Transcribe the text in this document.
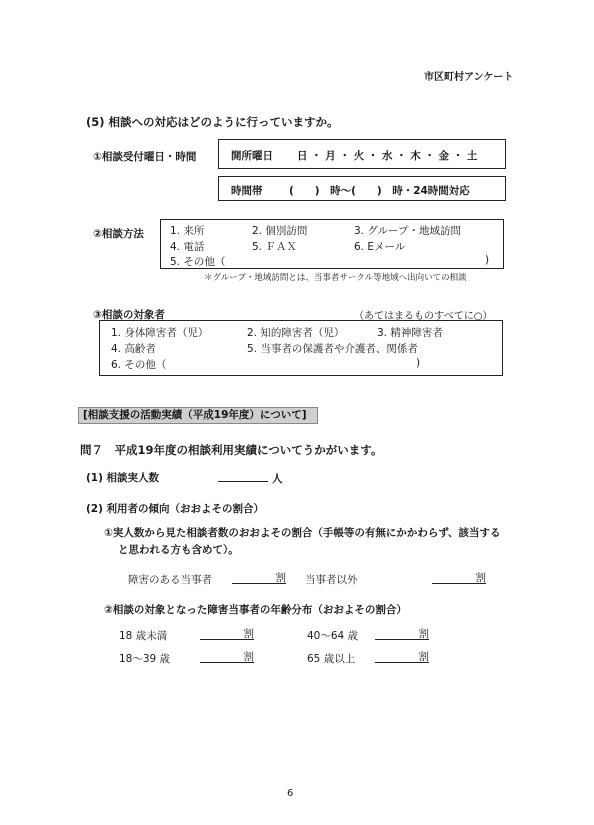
市区町村アンケート
(5) 相談への対応はどのように行っていますか。
①相談受付曜日・時間	開所曜日 日 ・ 月 ・ 火 ・ 水 ・ 木 ・ 金 ・ 土
時間帯	(　　)　時～(　　)　時・24時間対応
②相談方法 1. 来所	2. 個別訪問	3. グループ・地域訪問
4. 電話	5. ＦＡＸ	6. Eメール
5. その他（	)
＊グループ・地域訪問とは、当事者サークル等地域へ出向いての相談
③相談の対象者	（あてはまるものすべてに○）
1. 身体障害者（児）	2. 知的障害者（児）	3. 精神障害者
4. 高齢者	5. 当事者の保護者や介護者、関係者
6. その他（	)
[相談支援の活動実績（平成19年度）について]
問７　平成19年度の相談利用実績についてうかがいます。
(1) 相談実人数	人
(2) 利用者の傾向（おおよその割合）
①実人数から見た相談者数のおおよその割合（手帳等の有無にかかわらず、該当する
と思われる方も含めて）。
障害のある当事者	割 当事者以外	割
②相談の対象となった障害当事者の年齢分布（おおよその割合）
18 歳未満	割	40～64 歳	割
18～39 歳	割	65 歳以上	割
6
